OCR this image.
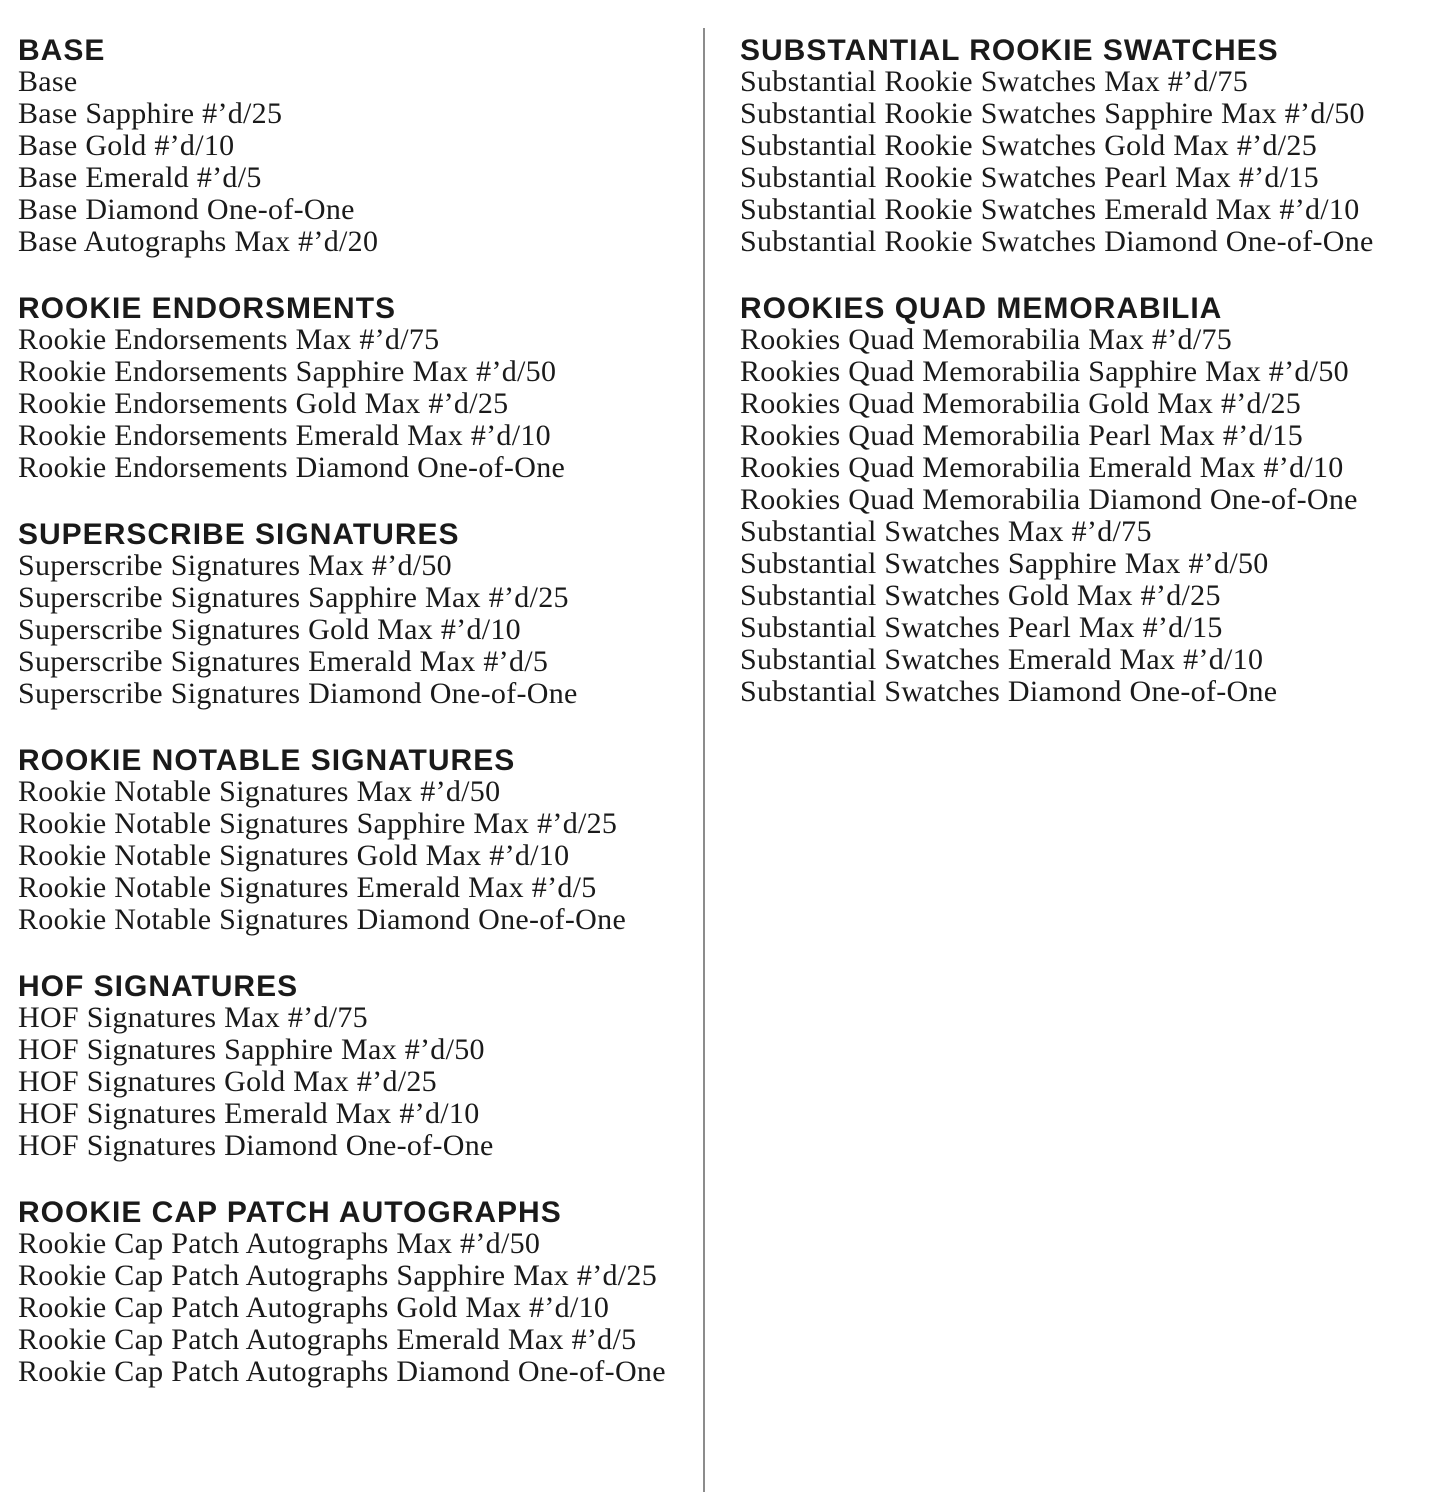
BASE
Base
Base Sapphire #’d/25
Base Gold #’d/10
Base Emerald #’d/5
Base Diamond One-of-One
Base Autographs Max #’d/20
ROOKIE ENDORSMENTS
Rookie Endorsements Max #’d/75
Rookie Endorsements Sapphire Max #’d/50
Rookie Endorsements Gold Max #’d/25
Rookie Endorsements Emerald Max #’d/10
Rookie Endorsements Diamond One-of-One
SUPERSCRIBE SIGNATURES
Superscribe Signatures Max #’d/50
Superscribe Signatures Sapphire Max #’d/25
Superscribe Signatures Gold Max #’d/10
Superscribe Signatures Emerald Max #’d/5
Superscribe Signatures Diamond One-of-One
ROOKIE NOTABLE SIGNATURES
Rookie Notable Signatures Max #’d/50
Rookie Notable Signatures Sapphire Max #’d/25
Rookie Notable Signatures Gold Max #’d/10
Rookie Notable Signatures Emerald Max #’d/5
Rookie Notable Signatures Diamond One-of-One
HOF SIGNATURES
HOF Signatures Max #’d/75
HOF Signatures Sapphire Max #’d/50
HOF Signatures Gold Max #’d/25
HOF Signatures Emerald Max #’d/10
HOF Signatures Diamond One-of-One
ROOKIE CAP PATCH AUTOGRAPHS
Rookie Cap Patch Autographs Max #’d/50
Rookie Cap Patch Autographs Sapphire Max #’d/25
Rookie Cap Patch Autographs Gold Max #’d/10
Rookie Cap Patch Autographs Emerald Max #’d/5
Rookie Cap Patch Autographs Diamond One-of-One
SUBSTANTIAL ROOKIE SWATCHES
Substantial Rookie Swatches Max #’d/75
Substantial Rookie Swatches Sapphire Max #’d/50
Substantial Rookie Swatches Gold Max #’d/25
Substantial Rookie Swatches Pearl Max #’d/15
Substantial Rookie Swatches Emerald Max #’d/10
Substantial Rookie Swatches Diamond One-of-One
ROOKIES QUAD MEMORABILIA
Rookies Quad Memorabilia Max #’d/75
Rookies Quad Memorabilia Sapphire Max #’d/50
Rookies Quad Memorabilia Gold Max #’d/25
Rookies Quad Memorabilia Pearl Max #’d/15
Rookies Quad Memorabilia Emerald Max #’d/10
Rookies Quad Memorabilia Diamond One-of-One
Substantial Swatches Max #’d/75
Substantial Swatches Sapphire Max #’d/50
Substantial Swatches Gold Max #’d/25
Substantial Swatches Pearl Max #’d/15
Substantial Swatches Emerald Max #’d/10
Substantial Swatches Diamond One-of-One
